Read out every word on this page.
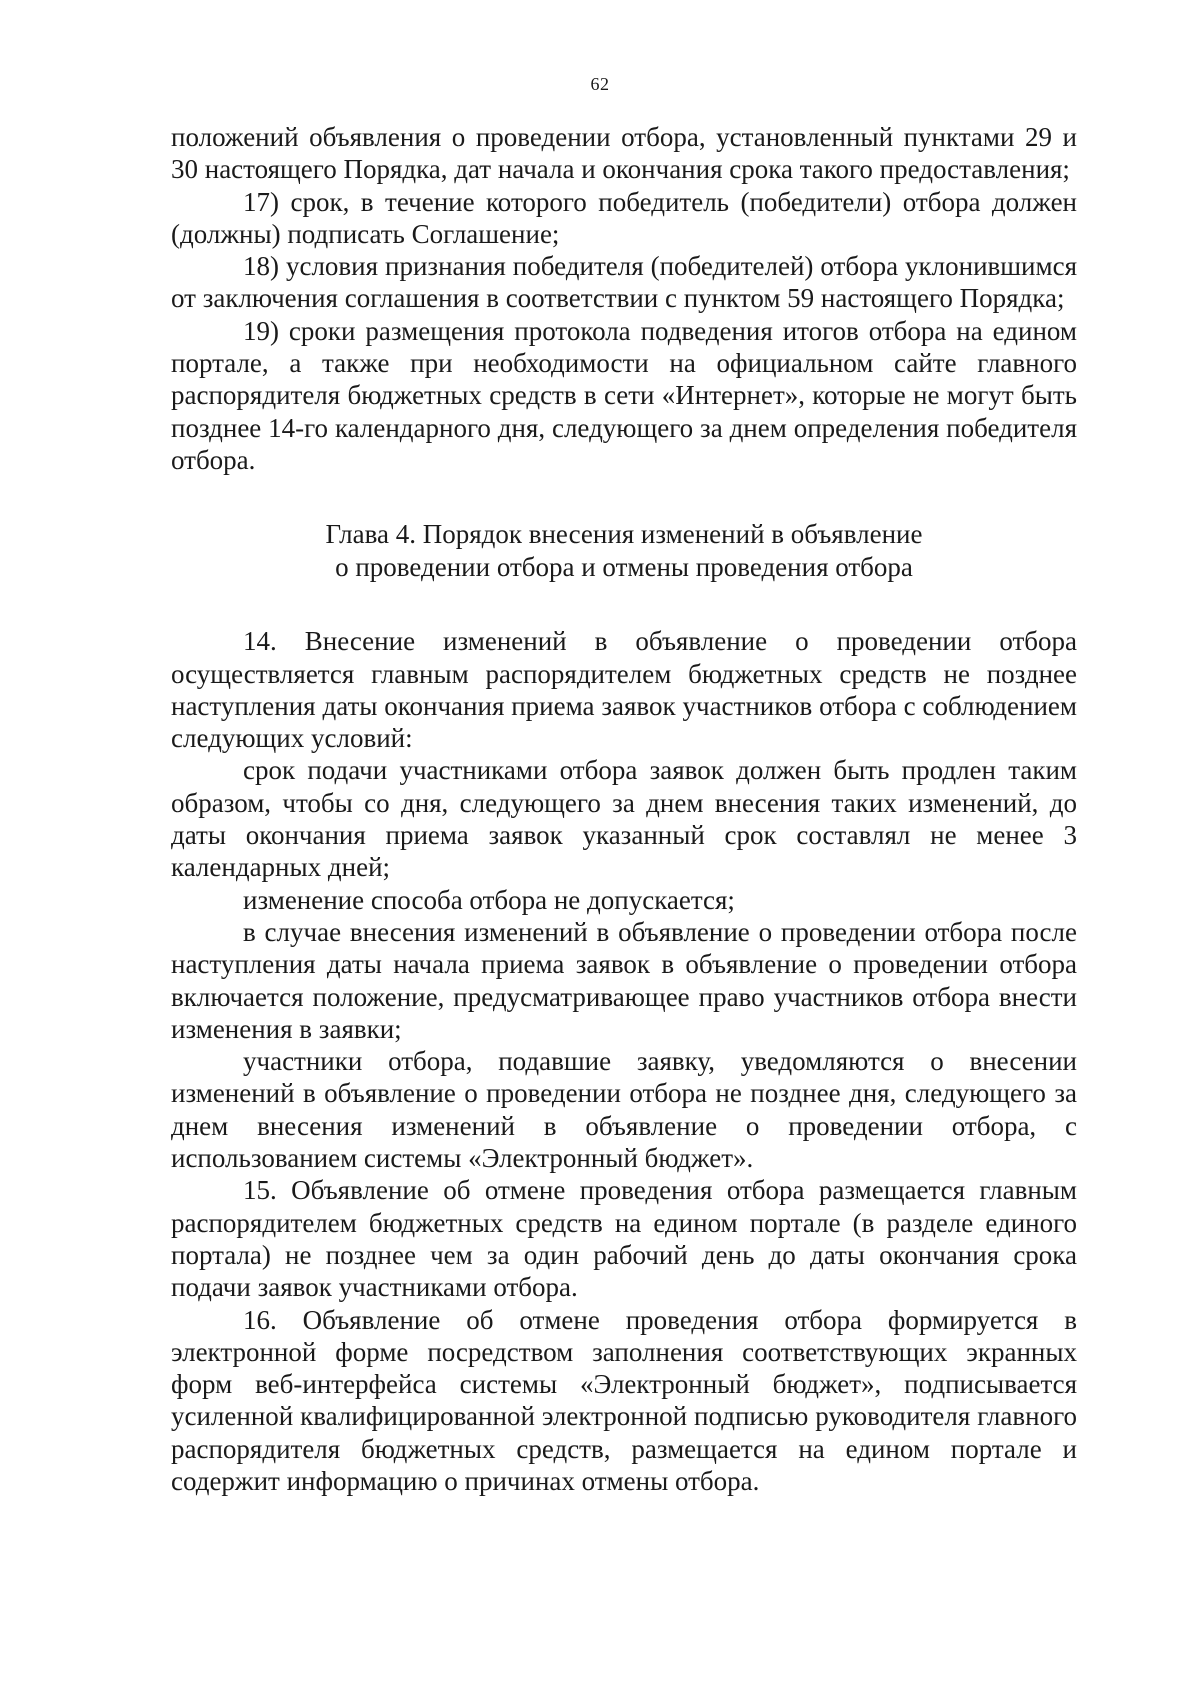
62

положений объявления о проведении отбора, установленный пунктами 29 и 30 настоящего Порядка, дат начала и окончания срока такого предоставления;

17) срок, в течение которого победитель (победители) отбора должен (должны) подписать Соглашение;

18) условия признания победителя (победителей) отбора уклонившимся от заключения соглашения в соответствии с пунктом 59 настоящего Порядка;

19) сроки размещения протокола подведения итогов отбора на едином портале, а также при необходимости на официальном сайте главного распорядителя бюджетных средств в сети «Интернет», которые не могут быть позднее 14-го календарного дня, следующего за днем определения победителя отбора.

Глава 4. Порядок внесения изменений в объявление
о проведении отбора и отмены проведения отбора

14. Внесение изменений в объявление о проведении отбора осуществляется главным распорядителем бюджетных средств не позднее наступления даты окончания приема заявок участников отбора с соблюдением следующих условий:

срок подачи участниками отбора заявок должен быть продлен таким образом, чтобы со дня, следующего за днем внесения таких изменений, до даты окончания приема заявок указанный срок составлял не менее 3 календарных дней;

изменение способа отбора не допускается;

в случае внесения изменений в объявление о проведении отбора после наступления даты начала приема заявок в объявление о проведении отбора включается положение, предусматривающее право участников отбора внести изменения в заявки;

участники отбора, подавшие заявку, уведомляются о внесении изменений в объявление о проведении отбора не позднее дня, следующего за днем внесения изменений в объявление о проведении отбора, с использованием системы «Электронный бюджет».

15. Объявление об отмене проведения отбора размещается главным распорядителем бюджетных средств на едином портале (в разделе единого портала) не позднее чем за один рабочий день до даты окончания срока подачи заявок участниками отбора.

16. Объявление об отмене проведения отбора формируется в электронной форме посредством заполнения соответствующих экранных форм веб-интерфейса системы «Электронный бюджет», подписывается усиленной квалифицированной электронной подписью руководителя главного распорядителя бюджетных средств, размещается на едином портале и содержит информацию о причинах отмены отбора.
